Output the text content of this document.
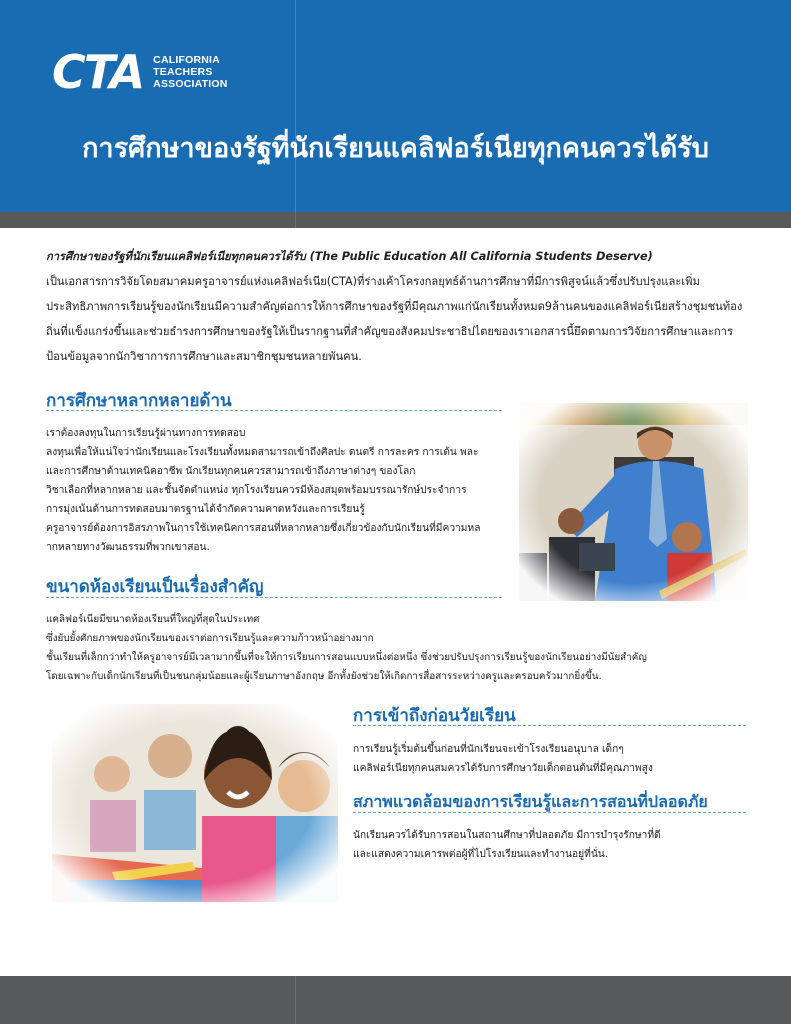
CTA CALIFORNIA
TEACHERS
ASSOCIATION
การศึกษาของรัฐที่นักเรียนแคลิฟอร์เนียทุกคนควรได้รับ
การศึกษาของรัฐที่นักเรียนแคลิฟอร์เนียทุกคนควรได้รับ (The Public Education All California Students Deserve)
เป็นเอกสารการวิจัยโดยสมาคมครูอาจารย์แห่งแคลิฟอร์เนีย(CTA)ที่ร่างเค้าโครงกลยุทธ์ด้านการศึกษาที่มีการพิสูจน์แล้วซึ่งปรับปรุงและเพิ่มประสิทธิภาพการเรียนรู้ของนักเรียนมีความสำคัญต่อการให้การศึกษาของรัฐที่มีคุณภาพแก่นักเรียนทั้งหมด9ล้านคนของแคลิฟอร์เนียสร้างชุมชนท้องถิ่นที่แข็งแกร่งขึ้นและช่วยธำรงการศึกษาของรัฐให้เป็นรากฐานที่สำคัญของสังคมประชาธิปไตยของเราเอกสารนี้ยึดตามการวิจัยการศึกษาและการป้อนข้อมูลจากนักวิชาการการศึกษาและสมาชิกชุมชนหลายพันคน.
การศึกษาหลากหลายด้าน
เราต้องลงทุนในการเรียนรู้ผ่านทางการทดสอบ
ลงทุนเพื่อให้แน่ใจว่านักเรียนและโรงเรียนทั้งหมดสามารถเข้าถึงศิลปะ ดนตรี การละคร การเต้น พละ
และการศึกษาด้านเทคนิคอาชีพ นักเรียนทุกคนควรสามารถเข้าถึงภาษาต่างๆ ของโลก
วิชาเลือกที่หลากหลาย และชั้นจัดตำแหน่ง ทุกโรงเรียนควรมีห้องสมุดพร้อมบรรณารักษ์ประจำการ
การมุ่งเน้นด้านการทดสอบมาตรฐานได้จำกัดความคาดหวังและการเรียนรู้
ครูอาจารย์ต้องการอิสรภาพในการใช้เทคนิคการสอนที่หลากหลายซึ่งเกี่ยวข้องกับนักเรียนที่มีความหล
ากหลายทางวัฒนธรรมที่พวกเขาสอน.
ขนาดห้องเรียนเป็นเรื่องสำคัญ
แคลิฟอร์เนียมีขนาดห้องเรียนที่ใหญ่ที่สุดในประเทศ
ซึ่งยับยั้งศักยภาพของนักเรียนของเราต่อการเรียนรู้และความก้าวหน้าอย่างมาก
ชั้นเรียนที่เล็กกว่าทำให้ครูอาจารย์มีเวลามากขึ้นที่จะให้การเรียนการสอนแบบหนึ่งต่อหนึ่ง ซึ่งช่วยปรับปรุงการเรียนรู้ของนักเรียนอย่างมีนัยสำคัญ
โดยเฉพาะกับเด็กนักเรียนที่เป็นชนกลุ่มน้อยและผู้เรียนภาษาอังกฤษ อีกทั้งยังช่วยให้เกิดการสื่อสารระหว่างครูและครอบครัวมากยิ่งขึ้น.
การเข้าถึงก่อนวัยเรียน
การเรียนรู้เริ่มต้นขึ้นก่อนที่นักเรียนจะเข้าโรงเรียนอนุบาล เด็กๆ
แคลิฟอร์เนียทุกคนสมควรได้รับการศึกษาวัยเด็กตอนต้นที่มีคุณภาพสูง
สภาพแวดล้อมของการเรียนรู้และการสอนที่ปลอดภัย
นักเรียนควรได้รับการสอนในสถานศึกษาที่ปลอดภัย มีการบำรุงรักษาที่ดี
และแสดงความเคารพต่อผู้ที่ไปโรงเรียนและทำงานอยู่ที่นั่น.
